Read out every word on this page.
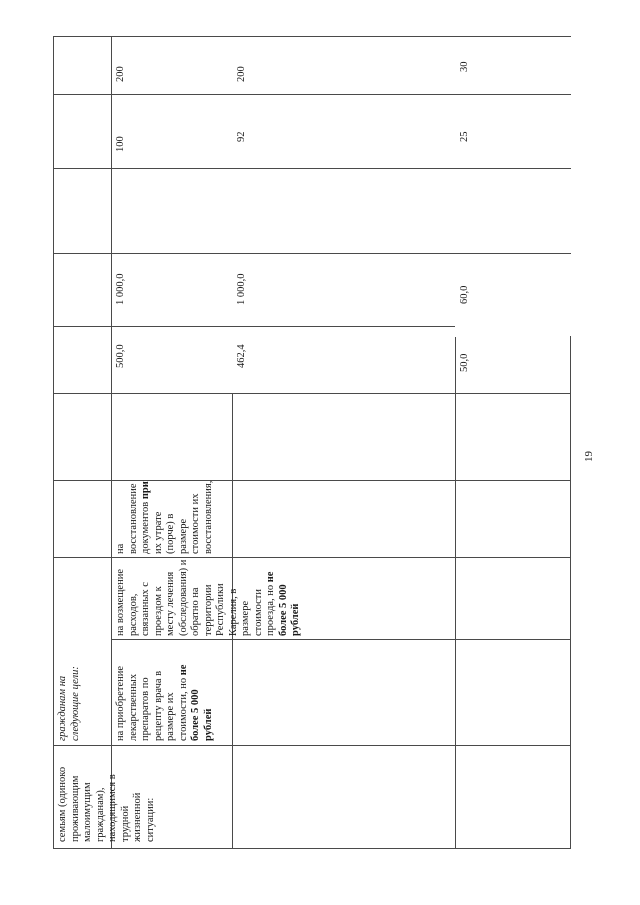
семьям (одиноко
проживающим
малоимущим
гражданам),
находящимся в
трудной
жизненной
ситуации:
гражданам на
следующие цели:
на приобретение
лекарственных
препаратов по
рецепту врача в
размере их
стоимости, но не
более 5 000
рублей
на возмещение
расходов,
связанных с
проездом к
месту лечения
(обследования) и
обратно на
территории
Республики
Карелия, в
размере
стоимости
проезда, но не
более 5 000
рублей
на
восстановление
документов при
их утрате
(порче) в
размере
стоимости их
восстановления,
500,0
1 000,0
100
200
462,4
1 000,0
92
200
50,0
60,0
25
30
19
